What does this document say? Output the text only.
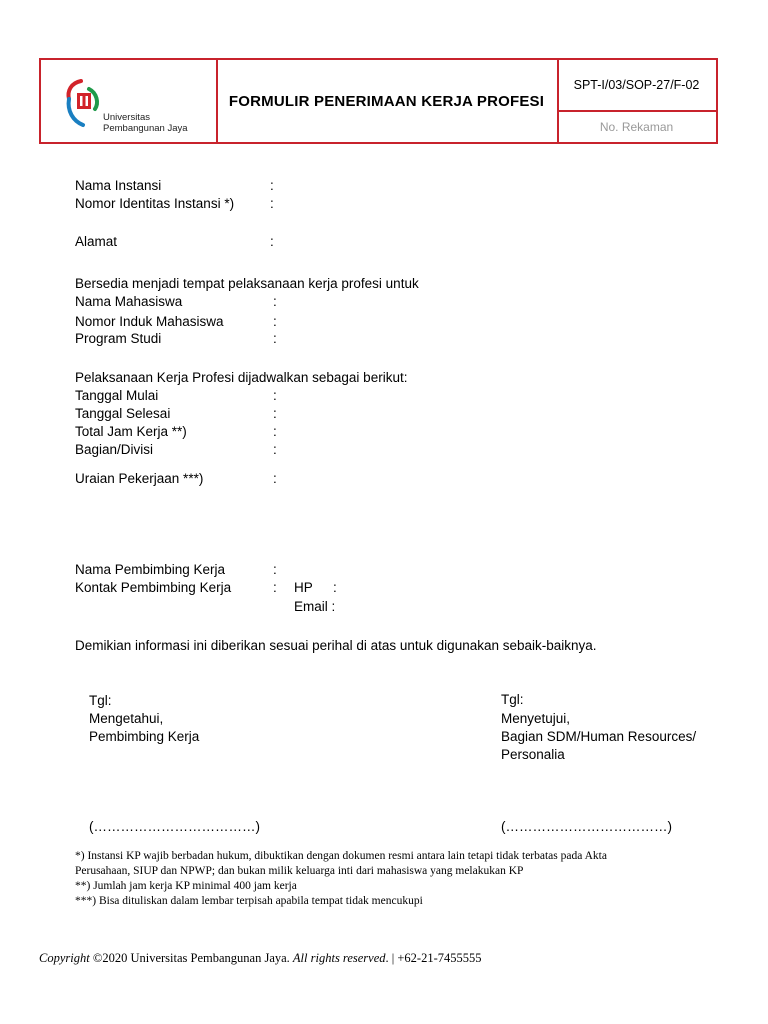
Universitas
Pembangunan Jaya
FORMULIR PENERIMAAN KERJA PROFESI
SPT-I/03/SOP-27/F-02
No. Rekaman
Nama Instansi	:
Nomor Identitas Instansi *)	:
Alamat	:
Bersedia menjadi tempat pelaksanaan kerja profesi untuk
Nama Mahasiswa	:
Nomor Induk Mahasiswa	:
Program Studi	:
Pelaksanaan Kerja Profesi dijadwalkan sebagai berikut:
Tanggal Mulai	:
Tanggal Selesai	:
Total Jam Kerja **)	:
Bagian/Divisi	:
Uraian Pekerjaan ***)	:
Nama Pembimbing Kerja	:
Kontak Pembimbing Kerja	: HP :
Email :
Demikian informasi ini diberikan sesuai perihal di atas untuk digunakan sebaik-baiknya.
Tgl:
Mengetahui,
Pembimbing Kerja
(………………………………)
Tgl:
Menyetujui,
Bagian SDM/Human Resources/
Personalia
(………………………………)
*) Instansi KP wajib berbadan hukum, dibuktikan dengan dokumen resmi antara lain tetapi tidak terbatas pada Akta
Perusahaan, SIUP dan NPWP; dan bukan milik keluarga inti dari mahasiswa yang melakukan KP
**) Jumlah jam kerja KP minimal 400 jam kerja
***) Bisa dituliskan dalam lembar terpisah apabila tempat tidak mencukupi
Copyright ©2020 Universitas Pembangunan Jaya. All rights reserved. | +62-21-7455555
